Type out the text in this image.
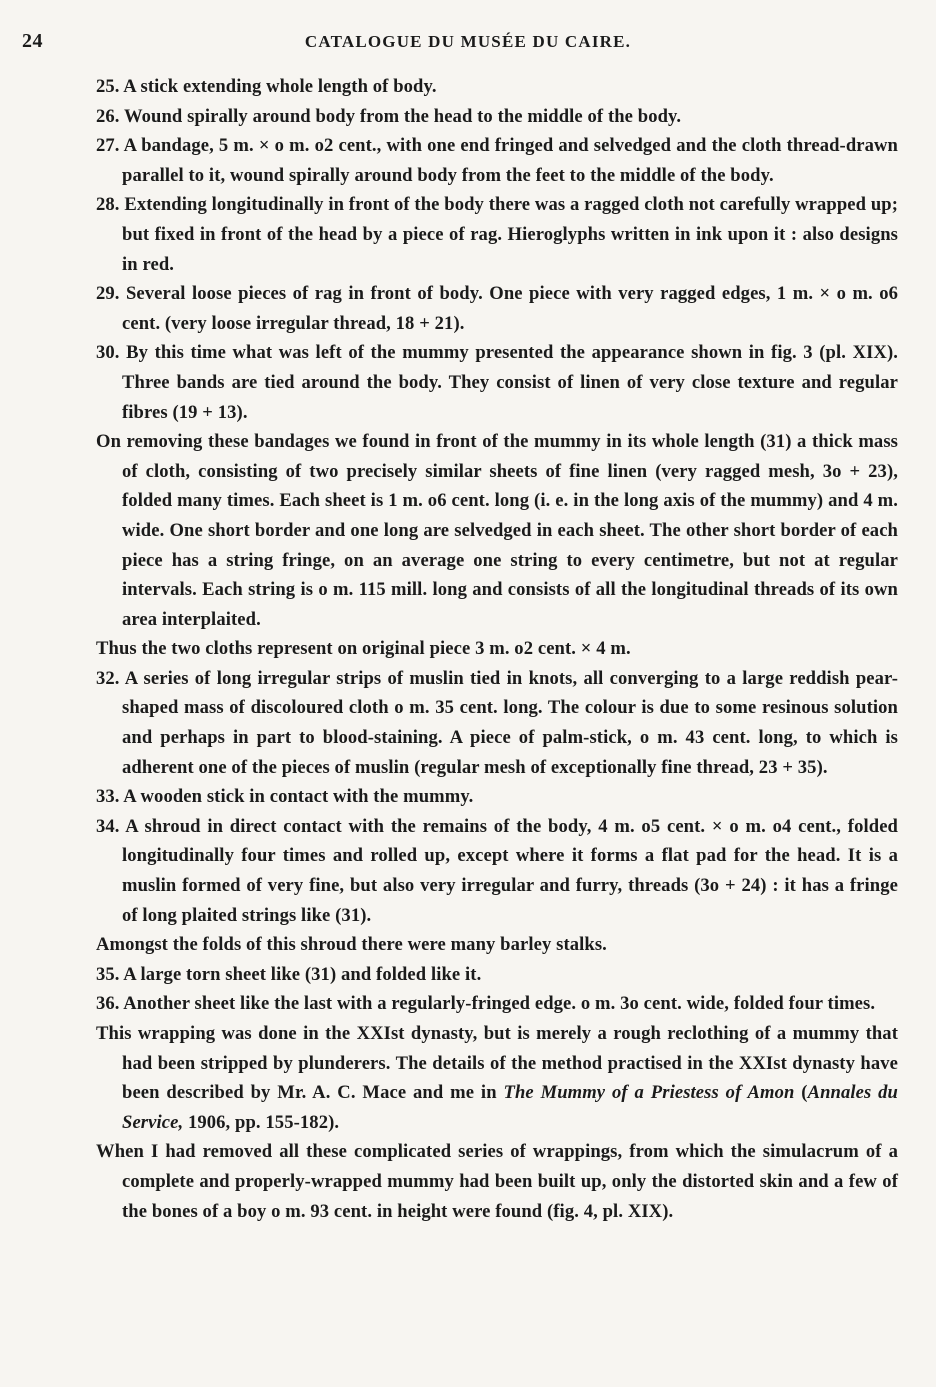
24	CATALOGUE DU MUSÉE DU CAIRE.

25. A stick extending whole length of body.

26. Wound spirally around body from the head to the middle of the body.

27. A bandage, 5 m. × o m. o2 cent., with one end fringed and selvedged and the cloth thread-drawn parallel to it, wound spirally around body from the feet to the middle of the body.

28. Extending longitudinally in front of the body there was a ragged cloth not carefully wrapped up; but fixed in front of the head by a piece of rag. Hieroglyphs written in ink upon it : also designs in red.

29. Several loose pieces of rag in front of body. One piece with very ragged edges, 1 m. × o m. o6 cent. (very loose irregular thread, 18 + 21).

30. By this time what was left of the mummy presented the appearance shown in fig. 3 (pl. XIX). Three bands are tied around the body. They consist of linen of very close texture and regular fibres (19 + 13).

On removing these bandages we found in front of the mummy in its whole length (31) a thick mass of cloth, consisting of two precisely similar sheets of fine linen (very ragged mesh, 3o + 23), folded many times. Each sheet is 1 m. o6 cent. long (i. e. in the long axis of the mummy) and 4 m. wide. One short border and one long are selvedged in each sheet. The other short border of each piece has a string fringe, on an average one string to every centimetre, but not at regular intervals. Each string is o m. 115 mill. long and consists of all the longitudinal threads of its own area interplaited.

Thus the two cloths represent on original piece 3 m. o2 cent. × 4 m.

32. A series of long irregular strips of muslin tied in knots, all converging to a large reddish pear-shaped mass of discoloured cloth o m. 35 cent. long. The colour is due to some resinous solution and perhaps in part to blood-staining. A piece of palm-stick, o m. 43 cent. long, to which is adherent one of the pieces of muslin (regular mesh of exceptionally fine thread, 23 + 35).

33. A wooden stick in contact with the mummy.

34. A shroud in direct contact with the remains of the body, 4 m. o5 cent. × o m. o4 cent., folded longitudinally four times and rolled up, except where it forms a flat pad for the head. It is a muslin formed of very fine, but also very irregular and furry, threads (3o + 24) : it has a fringe of long plaited strings like (31).

Amongst the folds of this shroud there were many barley stalks.

35. A large torn sheet like (31) and folded like it.

36. Another sheet like the last with a regularly-fringed edge. o m. 3o cent. wide, folded four times.

This wrapping was done in the XXIst dynasty, but is merely a rough reclothing of a mummy that had been stripped by plunderers. The details of the method practised in the XXIst dynasty have been described by Mr. A. C. Mace and me in The Mummy of a Priestess of Amon (Annales du Service, 1906, pp. 155-182).

When I had removed all these complicated series of wrappings, from which the simulacrum of a complete and properly-wrapped mummy had been built up, only the distorted skin and a few of the bones of a boy o m. 93 cent. in height were found (fig. 4, pl. XIX).
